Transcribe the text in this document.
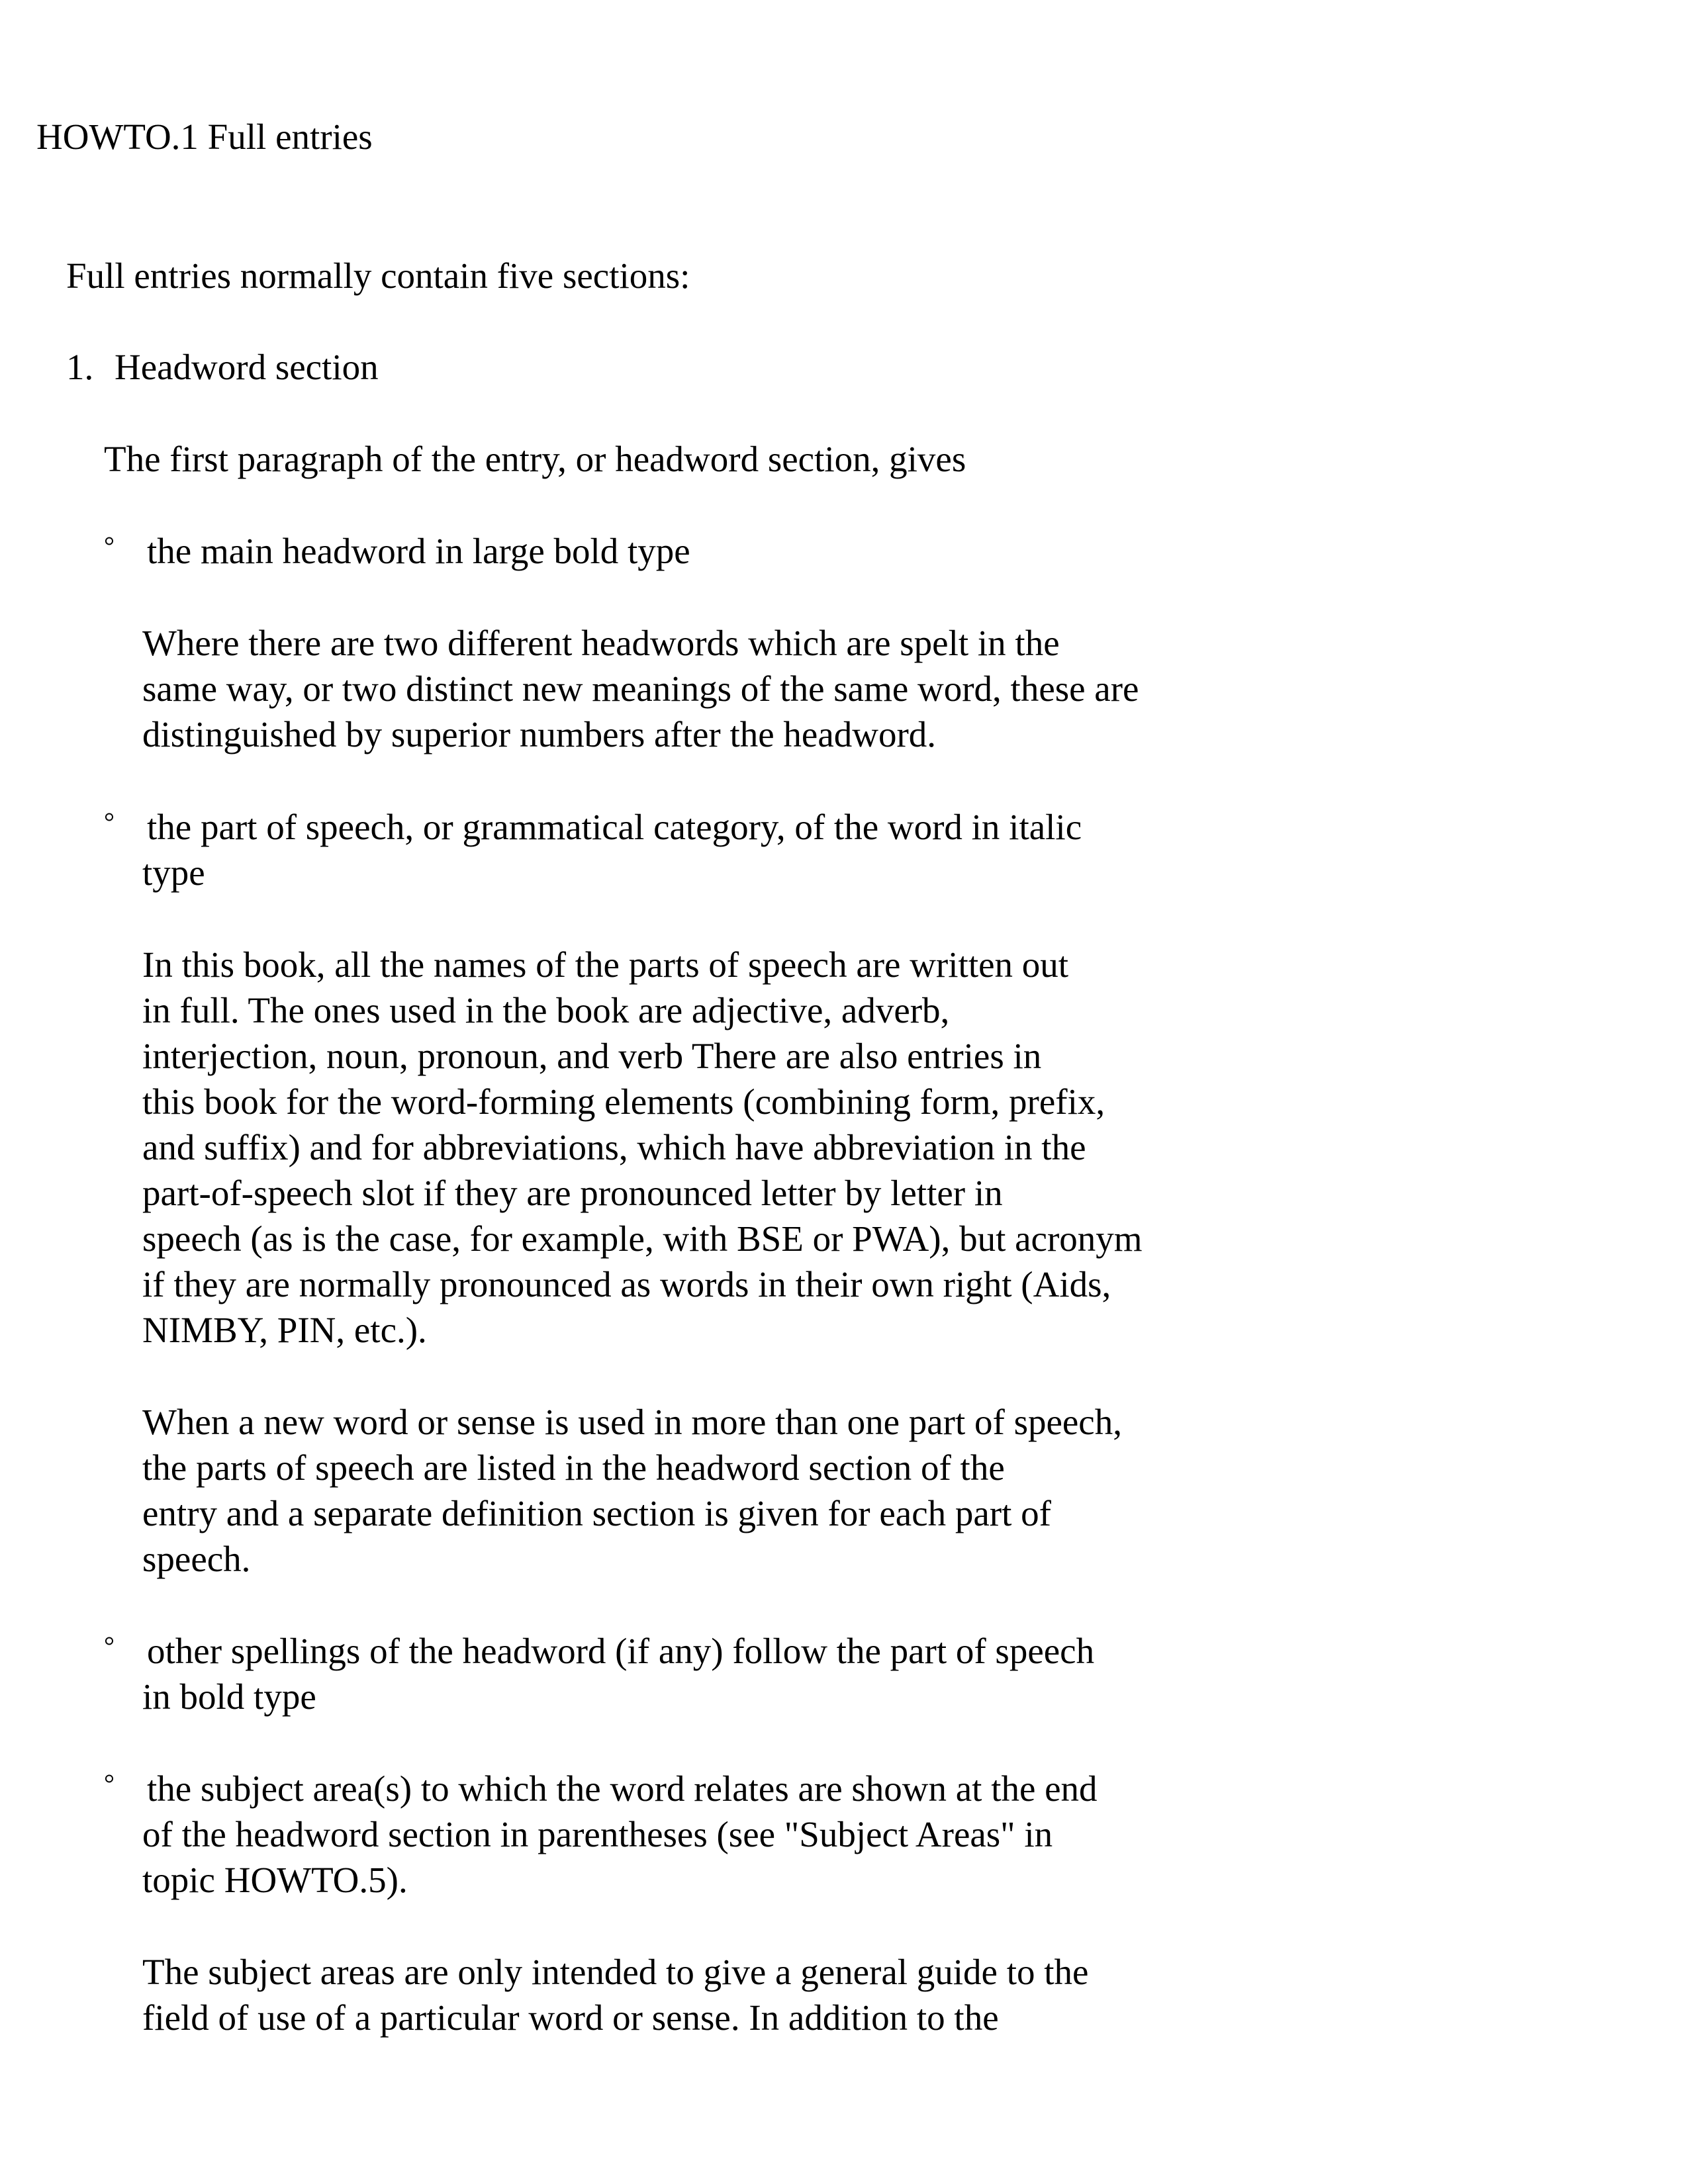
HOWTO.1 Full entries
Full entries normally contain five sections:
1. Headword section
The first paragraph of the entry, or headword section, gives
° the main headword in large bold type
Where there are two different headwords which are spelt in the
same way, or two distinct new meanings of the same word, these are
distinguished by superior numbers after the headword.
° the part of speech, or grammatical category, of the word in italic
type
In this book, all the names of the parts of speech are written out
in full. The ones used in the book are adjective, adverb,
interjection, noun, pronoun, and verb There are also entries in
this book for the word-forming elements (combining form, prefix,
and suffix) and for abbreviations, which have abbreviation in the
part-of-speech slot if they are pronounced letter by letter in
speech (as is the case, for example, with BSE or PWA), but acronym
if they are normally pronounced as words in their own right (Aids,
NIMBY, PIN, etc.).
When a new word or sense is used in more than one part of speech,
the parts of speech are listed in the headword section of the
entry and a separate definition section is given for each part of
speech.
° other spellings of the headword (if any) follow the part of speech
in bold type
° the subject area(s) to which the word relates are shown at the end
of the headword section in parentheses (see "Subject Areas" in
topic HOWTO.5).
The subject areas are only intended to give a general guide to the
field of use of a particular word or sense. In addition to the
